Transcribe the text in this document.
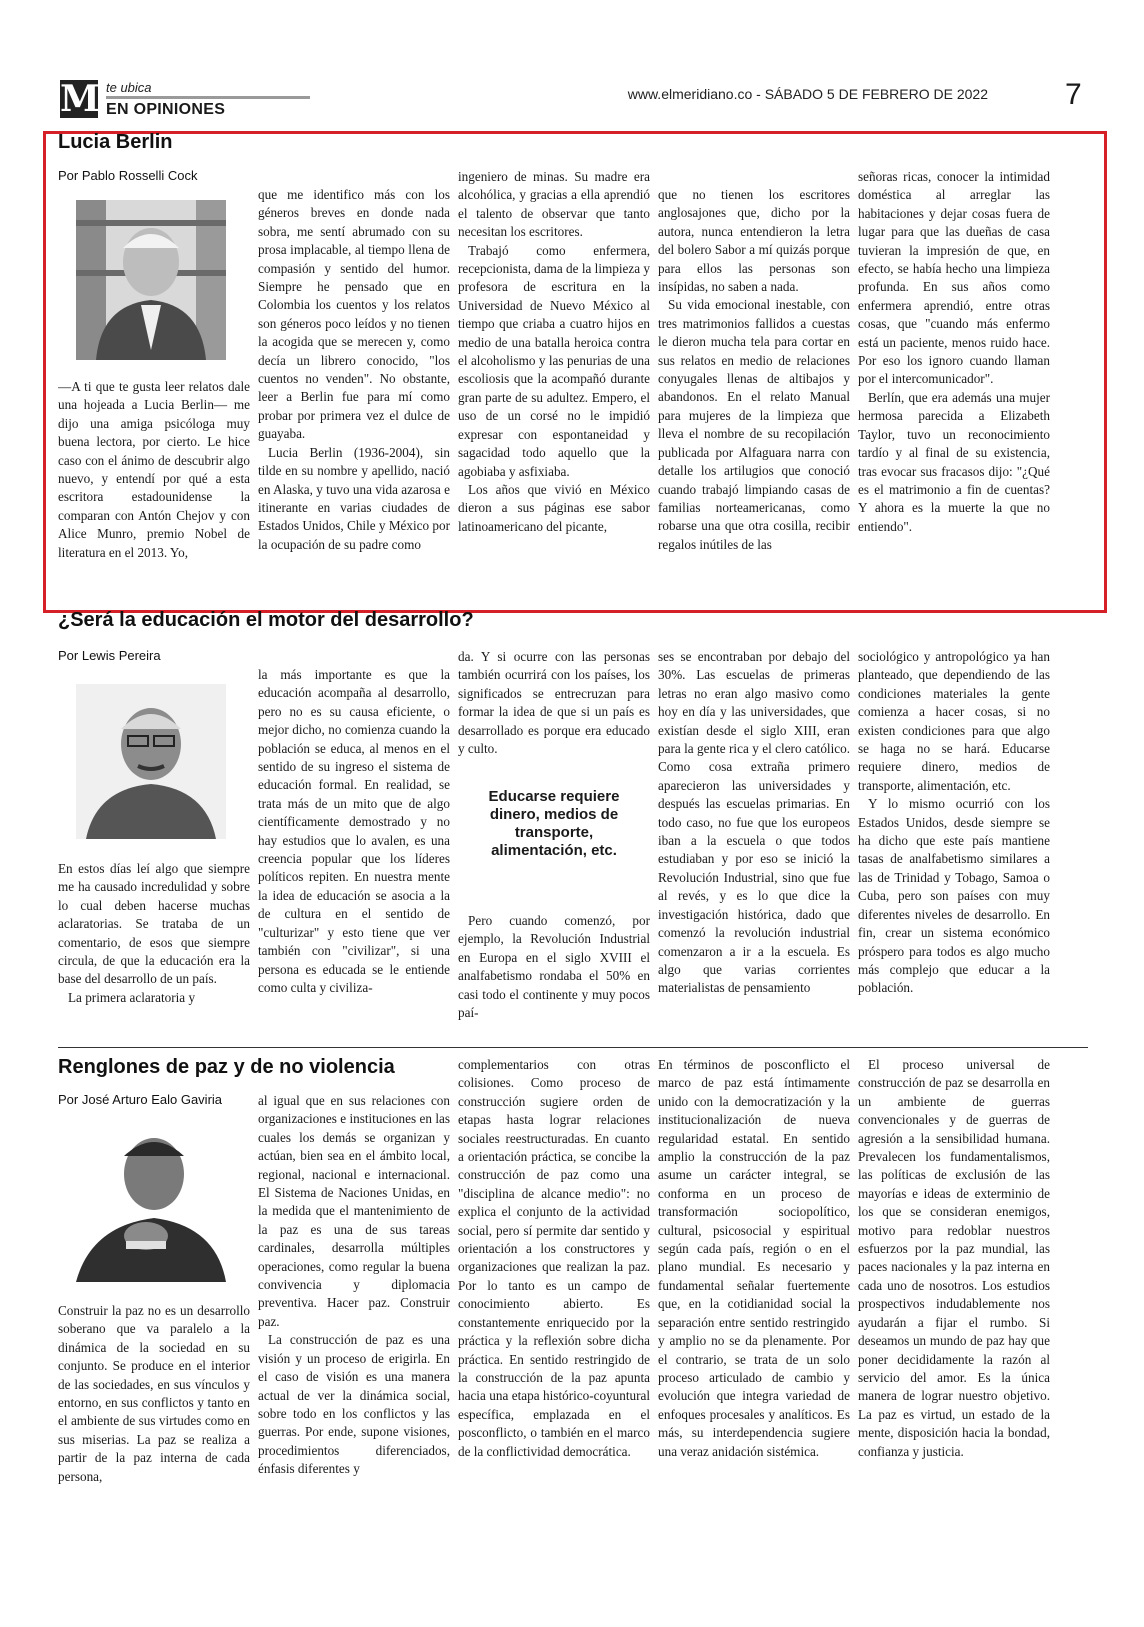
M te ubica
EN OPINIONES
www.elmeridiano.co - SÁBADO 5 DE FEBRERO DE 2022	7
Lucia Berlin
Por Pablo Rosselli Cock

—A ti que te gusta leer relatos dale una hojeada a Lucia Berlin— me dijo una amiga psicóloga muy buena lectora, por cierto. Le hice caso con el ánimo de descubrir algo nuevo, y entendí por qué a esta escritora estadounidense la comparan con Antón Chejov y con Alice Munro, premio Nobel de literatura en el 2013. Yo,

que me identifico más con los géneros breves en donde nada sobra, me sentí abrumado con su prosa implacable, al tiempo llena de compasión y sentido del humor. Siempre he pensado que en Colombia los cuentos y los relatos son géneros poco leídos y no tienen la acogida que se merecen y, como decía un librero conocido, "los cuentos no venden". No obstante, leer a Berlin fue para mí como probar por primera vez el dulce de guayaba.

Lucia Berlin (1936-2004), sin tilde en su nombre y apellido, nació en Alaska, y tuvo una vida azarosa e itinerante en varias ciudades de Estados Unidos, Chile y México por la ocupación de su padre como

ingeniero de minas. Su madre era alcohólica, y gracias a ella aprendió el talento de observar que tanto necesitan los escritores.

Trabajó como enfermera, recepcionista, dama de la limpieza y profesora de escritura en la Universidad de Nuevo México al tiempo que criaba a cuatro hijos en medio de una batalla heroica contra el alcoholismo y las penurias de una escoliosis que la acompañó durante gran parte de su adultez. Empero, el uso de un corsé no le impidió expresar con espontaneidad y sagacidad todo aquello que la agobiaba y asfixiaba.

Los años que vivió en México dieron a sus páginas ese sabor latinoamericano del picante,

que no tienen los escritores anglosajones que, dicho por la autora, nunca entendieron la letra del bolero Sabor a mí quizás porque para ellos las personas son insípidas, no saben a nada.

Su vida emocional inestable, con tres matrimonios fallidos a cuestas le dieron mucha tela para cortar en sus relatos en medio de relaciones conyugales llenas de altibajos y abandonos. En el relato Manual para mujeres de la limpieza que lleva el nombre de su recopilación publicada por Alfaguara narra con detalle los artilugios que conoció cuando trabajó limpiando casas de familias norteamericanas, como robarse una que otra cosilla, recibir regalos inútiles de las

señoras ricas, conocer la intimidad doméstica al arreglar las habitaciones y dejar cosas fuera de lugar para que las dueñas de casa tuvieran la impresión de que, en efecto, se había hecho una limpieza profunda. En sus años como enfermera aprendió, entre otras cosas, que "cuando más enfermo está un paciente, menos ruido hace. Por eso los ignoro cuando llaman por el intercomunicador".

Berlín, que era además una mujer hermosa parecida a Elizabeth Taylor, tuvo un reconocimiento tardío y al final de su existencia, tras evocar sus fracasos dijo: "¿Qué es el matrimonio a fin de cuentas? Y ahora es la muerte la que no entiendo".

¿Será la educación el motor del desarrollo?
Por Lewis Pereira

En estos días leí algo que siempre me ha causado incredulidad y sobre lo cual deben hacerse muchas aclaratorias. Se trataba de un comentario, de esos que siempre circula, de que la educación era la base del desarrollo de un país.

La primera aclaratoria y

la más importante es que la educación acompaña al desarrollo, pero no es su causa eficiente, o mejor dicho, no comienza cuando la población se educa, al menos en el sentido de su ingreso el sistema de educación formal. En realidad, se trata más de un mito que de algo científicamente demostrado y no hay estudios que lo avalen, es una creencia popular que los líderes políticos repiten. En nuestra mente la idea de educación se asocia a la de cultura en el sentido de "culturizar" y esto tiene que ver también con "civilizar", si una persona es educada se le entiende como culta y civiliza-

da. Y si ocurre con las personas también ocurrirá con los países, los significados se entrecruzan para formar la idea de que si un país es desarrollado es porque era educado y culto.

Educarse requiere dinero, medios de transporte, alimentación, etc.

Pero cuando comenzó, por ejemplo, la Revolución Industrial en Europa en el siglo XVIII el analfabetismo rondaba el 50% en casi todo el continente y muy pocos paí-

ses se encontraban por debajo del 30%. Las escuelas de primeras letras no eran algo masivo como hoy en día y las universidades, que existían desde el siglo XIII, eran para la gente rica y el clero católico. Como cosa extraña primero aparecieron las universidades y después las escuelas primarias. En todo caso, no fue que los europeos iban a la escuela o que todos estudiaban y por eso se inició la Revolución Industrial, sino que fue al revés, y es lo que dice la investigación histórica, dado que comenzó la revolución industrial comenzaron a ir a la escuela. Es algo que varias corrientes materialistas de pensamiento

sociológico y antropológico ya han planteado, que dependiendo de las condiciones materiales la gente comienza a hacer cosas, si no existen condiciones para que algo se haga no se hará. Educarse requiere dinero, medios de transporte, alimentación, etc.

Y lo mismo ocurrió con los Estados Unidos, desde siempre se ha dicho que este país mantiene tasas de analfabetismo similares a las de Trinidad y Tobago, Samoa o Cuba, pero son países con muy diferentes niveles de desarrollo. En fin, crear un sistema económico próspero para todos es algo mucho más complejo que educar a la población.

Renglones de paz y de no violencia
Por José Arturo Ealo Gaviria

Construir la paz no es un desarrollo soberano que va paralelo a la dinámica de la sociedad en su conjunto. Se produce en el interior de las sociedades, en sus vínculos y entorno, en sus conflictos y tanto en el ambiente de sus virtudes como en sus miserias. La paz se realiza a partir de la paz interna de cada persona,

al igual que en sus relaciones con organizaciones e instituciones en las cuales los demás se organizan y actúan, bien sea en el ámbito local, regional, nacional e internacional. El Sistema de Naciones Unidas, en la medida que el mantenimiento de la paz es una de sus tareas cardinales, desarrolla múltiples operaciones, como regular la buena convivencia y diplomacia preventiva. Hacer paz. Construir paz.

La construcción de paz es una visión y un proceso de erigirla. En el caso de visión es una manera actual de ver la dinámica social, sobre todo en los conflictos y las guerras. Por ende, supone visiones, procedimientos diferenciados, énfasis diferentes y

complementarios con otras colisiones. Como proceso de construcción sugiere orden de etapas hasta lograr relaciones sociales reestructuradas. En cuanto a orientación práctica, se concibe la construcción de paz como una "disciplina de alcance medio": no explica el conjunto de la actividad social, pero sí permite dar sentido y orientación a los constructores y organizaciones que realizan la paz. Por lo tanto es un campo de conocimiento abierto. Es constantemente enriquecido por la práctica y la reflexión sobre dicha práctica. En sentido restringido de la construcción de la paz apunta hacia una etapa histórico-coyuntural específica, emplazada en el posconflicto, o también en el marco de la conflictividad democrática.

En términos de posconflicto el marco de paz está íntimamente unido con la democratización y la institucionalización de nueva regularidad estatal. En sentido amplio la construcción de la paz asume un carácter integral, se conforma en un proceso de transformación sociopolítico, cultural, psicosocial y espiritual según cada país, región o en el plano mundial. Es necesario y fundamental señalar fuertemente que, en la cotidianidad social la separación entre sentido restringido y amplio no se da plenamente. Por el contrario, se trata de un solo proceso articulado de cambio y evolución que integra variedad de enfoques procesales y analíticos. Es más, su interdependencia sugiere una veraz anidación sistémica.

El proceso universal de construcción de paz se desarrolla en un ambiente de guerras convencionales y de guerras de agresión a la sensibilidad humana. Prevalecen los fundamentalismos, las políticas de exclusión de las mayorías e ideas de exterminio de los que se consideran enemigos, motivo para redoblar nuestros esfuerzos por la paz mundial, las paces nacionales y la paz interna en cada uno de nosotros. Los estudios prospectivos indudablemente nos ayudarán a fijar el rumbo. Si deseamos un mundo de paz hay que poner decididamente la razón al servicio del amor. Es la única manera de lograr nuestro objetivo. La paz es virtud, un estado de la mente, disposición hacia la bondad, confianza y justicia.
